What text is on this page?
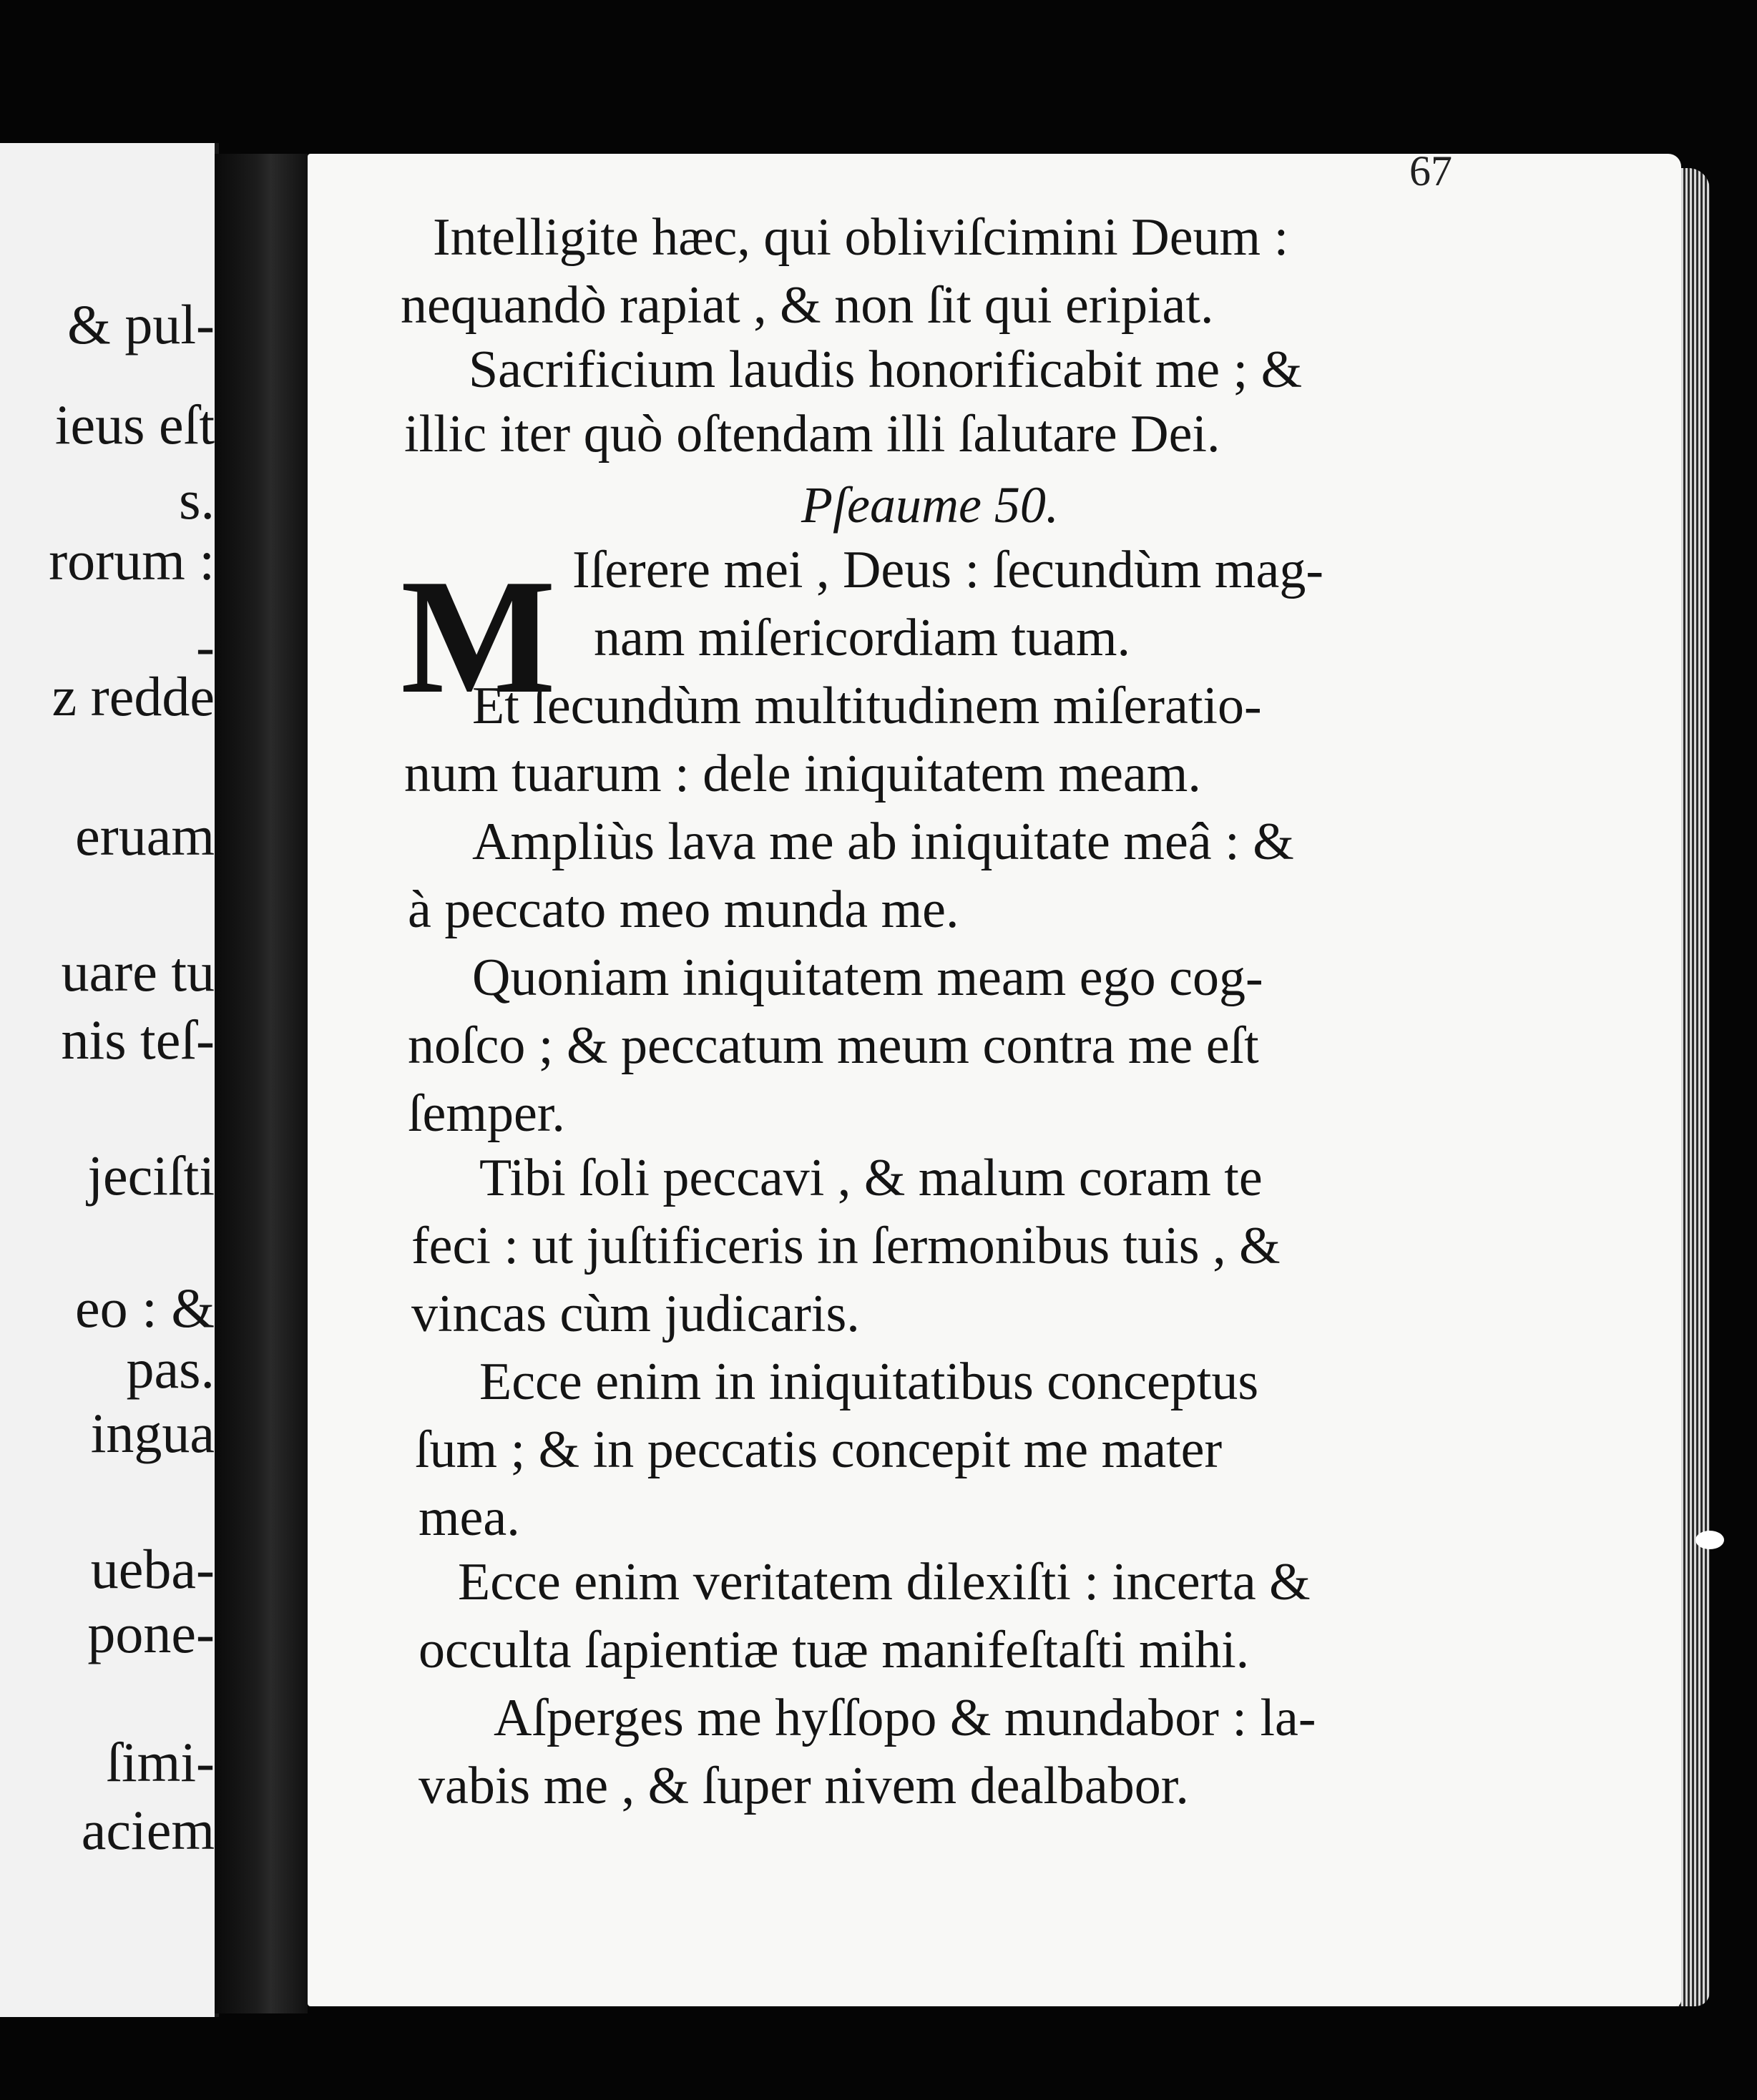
& pul-
ieus eſt
s.
rorum :
-
z redde
eruam
uare tu
nis teſ-
jeciſti
eo : &
pas.
ingua
ueba-
pone-
ſimi-
aciem
67
Intelligite hæc, qui obliviſcimini Deum :
nequandò rapiat , & non ſit qui eripiat.
Sacrificium laudis honorificabit me ; &
illic iter quò oſtendam illi ſalutare Dei.
Pſeaume 50.
M Iſerere mei , Deus : ſecundùm mag-
nam miſericordiam tuam.
Et ſecundùm multitudinem miſeratio-
num tuarum : dele iniquitatem meam.
Ampliùs lava me ab iniquitate meâ : &
à peccato meo munda me.
Quoniam iniquitatem meam ego cog-
noſco ; & peccatum meum contra me eſt
ſemper.
Tibi ſoli peccavi , & malum coram te
feci : ut juſtificeris in ſermonibus tuis , &
vincas cùm judicaris.
Ecce enim in iniquitatibus conceptus
ſum ; & in peccatis concepit me mater
mea.
Ecce enim veritatem dilexiſti : incerta &
occulta ſapientiæ tuæ manifeſtaſti mihi.
Aſperges me hyſſopo & mundabor : la-
vabis me , & ſuper nivem dealbabor.
